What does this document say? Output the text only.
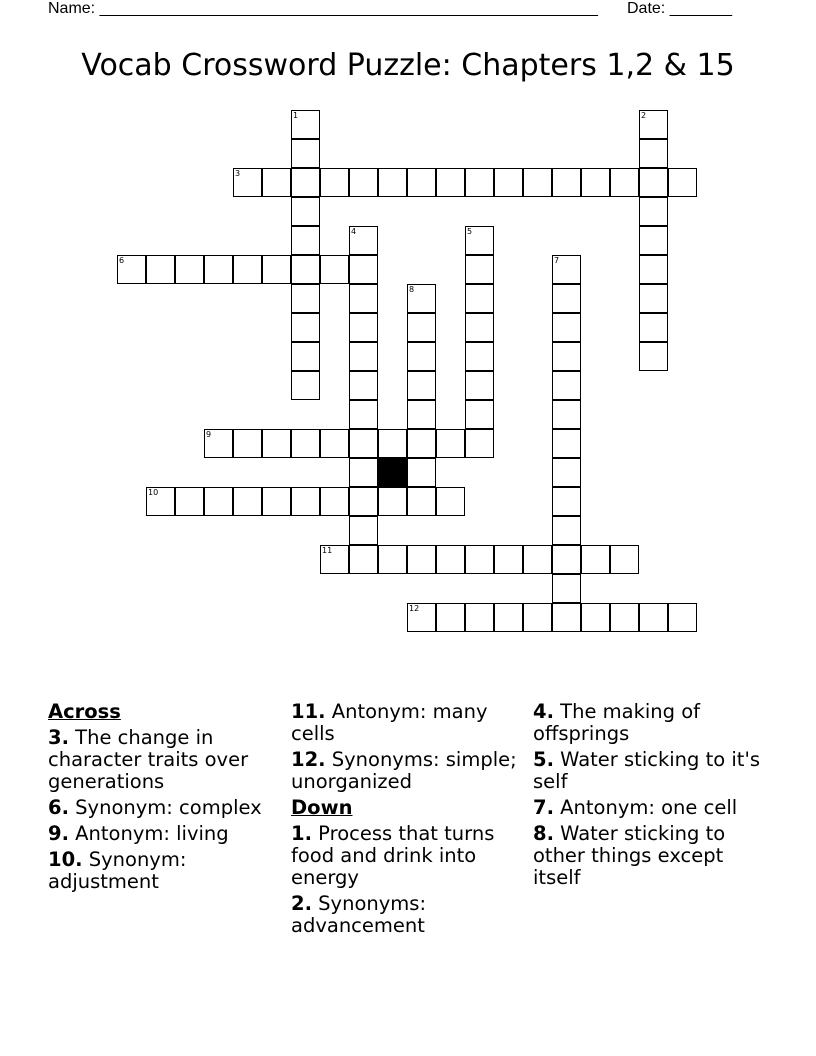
Name: ________________________________________________________ Date: _______
Vocab Crossword Puzzle: Chapters 1,2 & 15
1	2
3
4	5
6	7
8
9
10
11
12
Across
3. The change in character traits over generations
6. Synonym: complex
9. Antonym: living
10. Synonym: adjustment
11. Antonym: many cells
12. Synonyms: simple; unorganized
Down
1. Process that turns food and drink into energy
2. Synonyms: advancement
4. The making of offsprings
5. Water sticking to it's self
7. Antonym: one cell
8. Water sticking to other things except itself
